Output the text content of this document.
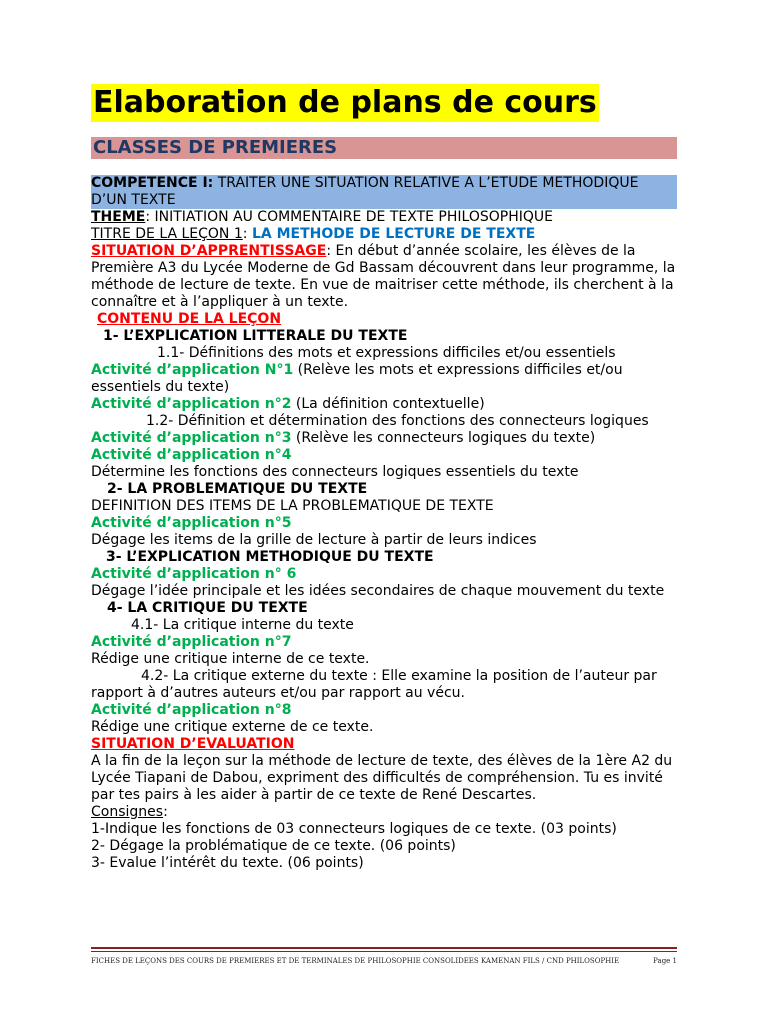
Elaboration de plans de cours
CLASSES DE PREMIERES
COMPETENCE I: TRAITER UNE SITUATION RELATIVE A L’ETUDE METHODIQUE D’UN TEXTE
THEME: INITIATION AU COMMENTAIRE DE TEXTE PHILOSOPHIQUE
TITRE DE LA LEÇON 1: LA METHODE DE LECTURE DE TEXTE
SITUATION D’APPRENTISSAGE: En début d’année scolaire, les élèves de la Première A3 du Lycée Moderne de Gd Bassam découvrent dans leur programme, la méthode de lecture de texte. En vue de maitriser cette méthode, ils cherchent à la connaître et à l’appliquer à un texte.
CONTENU DE LA LEÇON
1- L’EXPLICATION LITTERALE DU TEXTE
1.1- Définitions des mots et expressions difficiles et/ou essentiels
Activité d’application N°1 (Relève les mots et expressions difficiles et/ou essentiels du texte)
Activité d’application n°2 (La définition contextuelle)
1.2- Définition et détermination des fonctions des connecteurs logiques
Activité d’application n°3 (Relève les connecteurs logiques du texte)
Activité d’application n°4
Détermine les fonctions des connecteurs logiques essentiels du texte
2- LA PROBLEMATIQUE DU TEXTE
DEFINITION DES ITEMS DE LA PROBLEMATIQUE DE TEXTE
Activité d’application n°5
Dégage les items de la grille de lecture à partir de leurs indices
3- L’EXPLICATION METHODIQUE DU TEXTE
Activité d’application n° 6
Dégage l’idée principale et les idées secondaires de chaque mouvement du texte
4- LA CRITIQUE DU TEXTE
4.1- La critique interne du texte
Activité d’application n°7
Rédige une critique interne de ce texte.
4.2- La critique externe du texte : Elle examine la position de l’auteur par rapport à d’autres auteurs et/ou par rapport au vécu.
Activité d’application n°8
Rédige une critique externe de ce texte.
SITUATION D’EVALUATION
A la fin de la leçon sur la méthode de lecture de texte, des élèves de la 1ère A2 du Lycée Tiapani de Dabou, expriment des difficultés de compréhension. Tu es invité par tes pairs à les aider à partir de ce texte de René Descartes.
Consignes:
1-Indique les fonctions de 03 connecteurs logiques de ce texte. (03 points)
2- Dégage la problématique de ce texte. (06 points)
3- Evalue l’intérêt du texte. (06 points)
FICHES DE LEÇONS DES COURS DE PREMIERES ET DE TERMINALES DE PHILOSOPHIE CONSOLIDEES KAMENAN FILS / CND PHILOSOPHIE	Page 1
